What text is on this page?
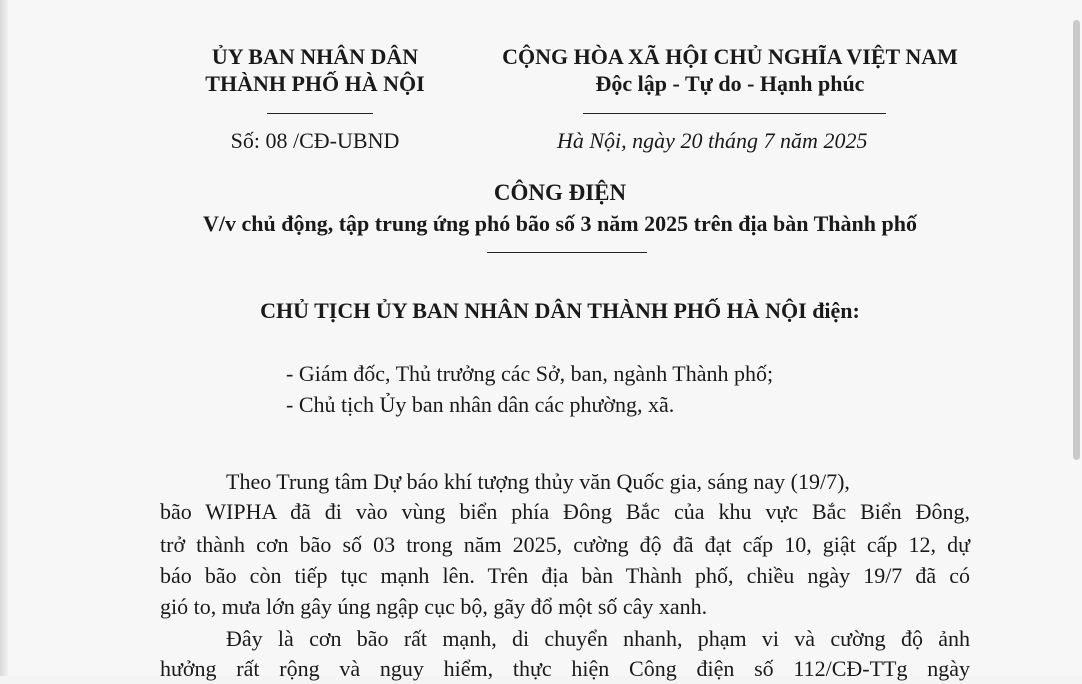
ỦY BAN NHÂN DÂN
THÀNH PHỐ HÀ NỘI
Số: 08 /CĐ-UBND
CỘNG HÒA XÃ HỘI CHỦ NGHĨA VIỆT NAM
Độc lập - Tự do - Hạnh phúc
Hà Nội, ngày 20 tháng 7 năm 2025
CÔNG ĐIỆN
V/v chủ động, tập trung ứng phó bão số 3 năm 2025 trên địa bàn Thành phố
CHỦ TỊCH ỦY BAN NHÂN DÂN THÀNH PHỐ HÀ NỘI điện:
- Giám đốc, Thủ trưởng các Sở, ban, ngành Thành phố;
- Chủ tịch Ủy ban nhân dân các phường, xã.
Theo Trung tâm Dự báo khí tượng thủy văn Quốc gia, sáng nay (19/7),
bão WIPHA đã đi vào vùng biển phía Đông Bắc của khu vực Bắc Biển Đông,
trở thành cơn bão số 03 trong năm 2025, cường độ đã đạt cấp 10, giật cấp 12, dự
báo bão còn tiếp tục mạnh lên. Trên địa bàn Thành phố, chiều ngày 19/7 đã có
gió to, mưa lớn gây úng ngập cục bộ, gãy đổ một số cây xanh.
Đây là cơn bão rất mạnh, di chuyển nhanh, phạm vi và cường độ ảnh
hưởng rất rộng và nguy hiểm, thực hiện Công điện số 112/CĐ-TTg ngày
